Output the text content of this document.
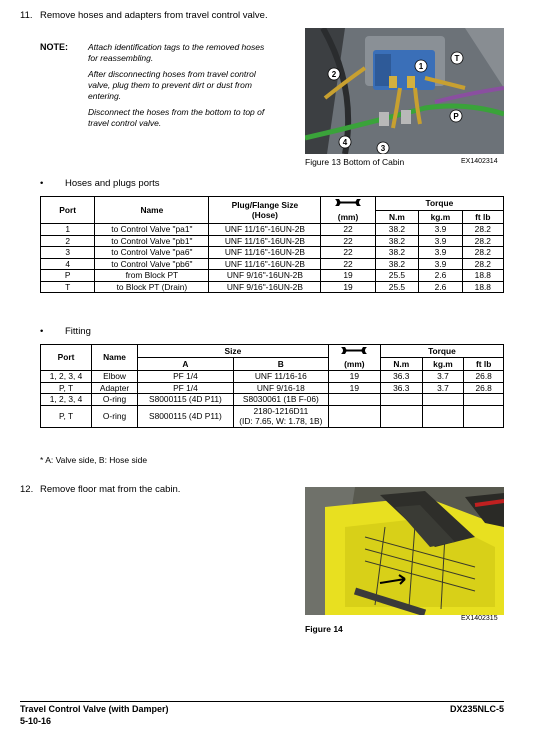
11. Remove hoses and adapters from travel control valve.
NOTE: Attach identification tags to the removed hoses
for reassembling.
After disconnecting hoses from travel control
valve, plug them to prevent dirt or dust from
entering.
Disconnect the hoses from the bottom to top of
travel control valve.
2
1
T
P
4
3
Figure 13 Bottom of Cabin	EX1402314
• Hoses and plugs ports
Port	Name	Plug/Flange Size
(Hose)		Torque		
			(mm)	N.m	kg.m	ft lb
1	to Control Valve "pa1"	UNF 11/16"-16UN-2B	22	38.2	3.9	28.2
2	to Control Valve "pb1"	UNF 11/16"-16UN-2B	22	38.2	3.9	28.2
3	to Control Valve "pa6"	UNF 11/16"-16UN-2B	22	38.2	3.9	28.2
4	to Control Valve "pb6"	UNF 11/16"-16UN-2B	22	38.2	3.9	28.2
P	from Block PT	UNF 9/16"-16UN-2B	19	25.5	2.6	18.8
T	to Block PT (Drain)	UNF 9/16"-16UN-2B	19	25.5	2.6	18.8
• Fitting
Port	Name	Size			Torque		
		A	B	(mm)	N.m	kg.m	ft lb
1, 2, 3, 4	Elbow	PF 1/4	UNF 11/16-16	19	36.3	3.7	26.8
P, T	Adapter	PF 1/4	UNF 9/16-18	19	36.3	3.7	26.8
1, 2, 3, 4	O-ring	S8000115 (4D P11)	S8030061 (1B F-06)				
P, T	O-ring	S8000115 (4D P11)	2180-1216D11
(ID: 7.65, W: 1.78, 1B)				

* A: Valve side, B: Hose side
12. Remove floor mat from the cabin.
Figure 14
EX1402315
Travel Control Valve (with Damper)
5-10-16
DX235NLC-5
